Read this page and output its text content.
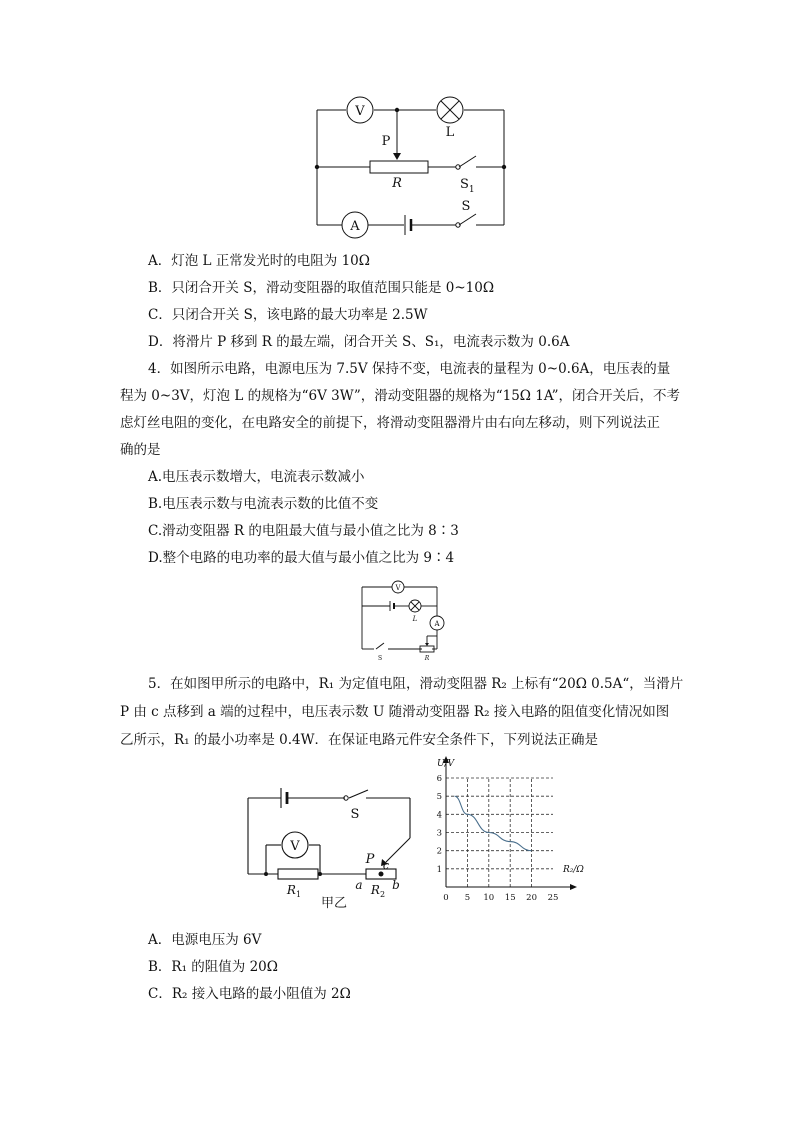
V
L
P
R	$S_1$
S
A
A．灯泡 L 正常发光时的电阻为 10Ω
B．只闭合开关 S，滑动变阻器的取值范围只能是 0~10Ω
C．只闭合开关 S，该电路的最大功率是 2.5W
D．将滑片 P 移到 R 的最左端，闭合开关 S、S₁，电流表示数为 0.6A
4．如图所示电路，电源电压为 7.5V 保持不变，电流表的量程为 0~0.6A，电压表的量
程为 0~3V，灯泡 L 的规格为“6V 3W”，滑动变阻器的规格为“15Ω 1A”，闭合开关后，不考
虑灯丝电阻的变化，在电路安全的前提下，将滑动变阻器滑片由右向左移动，则下列说法正
确的是
A.电压表示数增大，电流表示数减小
B.电压表示数与电流表示数的比值不变
C.滑动变阻器 R 的电阻最大值与最小值之比为 8∶3
D.整个电路的电功率的最大值与最小值之比为 9∶4
V
L
A
S	R
5．在如图甲所示的电路中，R₁ 为定值电阻，滑动变阻器 R₂ 上标有“20Ω 0.5A“，当滑片
P 由 c 点移到 a 端的过程中，电压表示数 U 随滑动变阻器 R₂ 接入电路的阻值变化情况如图
乙所示，R₁ 的最小功率是 0.4W．在保证电路元件安全条件下，下列说法正确是
V
S
P c
a b
$R_1$	$R_2$
甲乙	0 5 10 15 20 25
1
2
3
4
5
6
U/V
R₂/Ω
A．电源电压为 6V
B．R₁ 的阻值为 20Ω
C．R₂ 接入电路的最小阻值为 2Ω
